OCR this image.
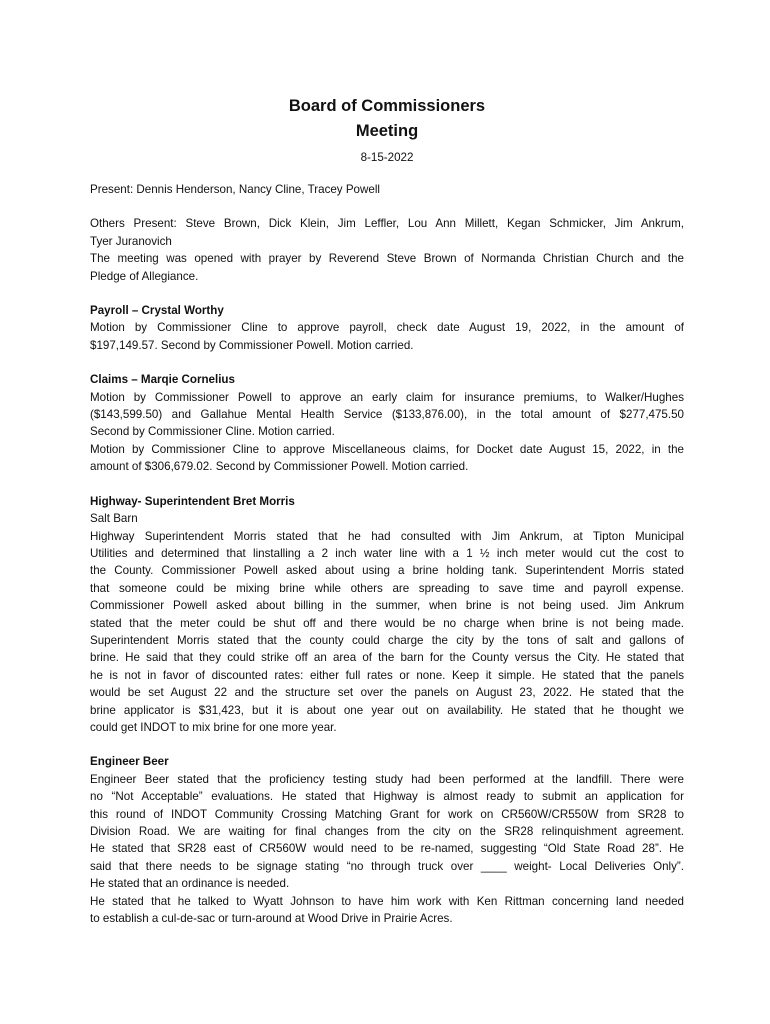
Board of Commissioners

Meeting

8-15-2022

Present: Dennis Henderson, Nancy Cline, Tracey Powell

Others Present: Steve Brown, Dick Klein, Jim Leffler, Lou Ann Millett, Kegan Schmicker, Jim Ankrum,

Tyer Juranovich

The meeting was opened with prayer by Reverend Steve Brown of Normanda Christian Church and the

Pledge of Allegiance.

Payroll – Crystal Worthy

Motion by Commissioner Cline to approve payroll, check date August 19, 2022, in the amount of

$197,149.57. Second by Commissioner Powell. Motion carried.

Claims – Marqie Cornelius

Motion by Commissioner Powell to approve an early claim for insurance premiums, to Walker/Hughes

($143,599.50) and Gallahue Mental Health Service ($133,876.00), in the total amount of $277,475.50

Second by Commissioner Cline. Motion carried.

Motion by Commissioner Cline to approve Miscellaneous claims, for Docket date August 15, 2022, in the

amount of $306,679.02. Second by Commissioner Powell. Motion carried.

Highway- Superintendent Bret Morris

Salt Barn

Highway Superintendent Morris stated that he had consulted with Jim Ankrum, at Tipton Municipal

Utilities and determined that linstalling a 2 inch water line with a 1 ½ inch meter would cut the cost to

the County. Commissioner Powell asked about using a brine holding tank. Superintendent Morris stated

that someone could be mixing brine while others are spreading to save time and payroll expense.

Commissioner Powell asked about billing in the summer, when brine is not being used. Jim Ankrum

stated that the meter could be shut off and there would be no charge when brine is not being made.

Superintendent Morris stated that the county could charge the city by the tons of salt and gallons of

brine. He said that they could strike off an area of the barn for the County versus the City. He stated that

he is not in favor of discounted rates: either full rates or none. Keep it simple. He stated that the panels

would be set August 22 and the structure set over the panels on August 23, 2022. He stated that the

brine applicator is $31,423, but it is about one year out on availability. He stated that he thought we

could get INDOT to mix brine for one more year.

Engineer Beer

Engineer Beer stated that the proficiency testing study had been performed at the landfill. There were

no “Not Acceptable” evaluations. He stated that Highway is almost ready to submit an application for

this round of INDOT Community Crossing Matching Grant for work on CR560W/CR550W from SR28 to

Division Road. We are waiting for final changes from the city on the SR28 relinquishment agreement.

He stated that SR28 east of CR560W would need to be re-named, suggesting “Old State Road 28”. He

said that there needs to be signage stating “no through truck over ____ weight- Local Deliveries Only”.

He stated that an ordinance is needed.

He stated that he talked to Wyatt Johnson to have him work with Ken Rittman concerning land needed

to establish a cul-de-sac or turn-around at Wood Drive in Prairie Acres.
